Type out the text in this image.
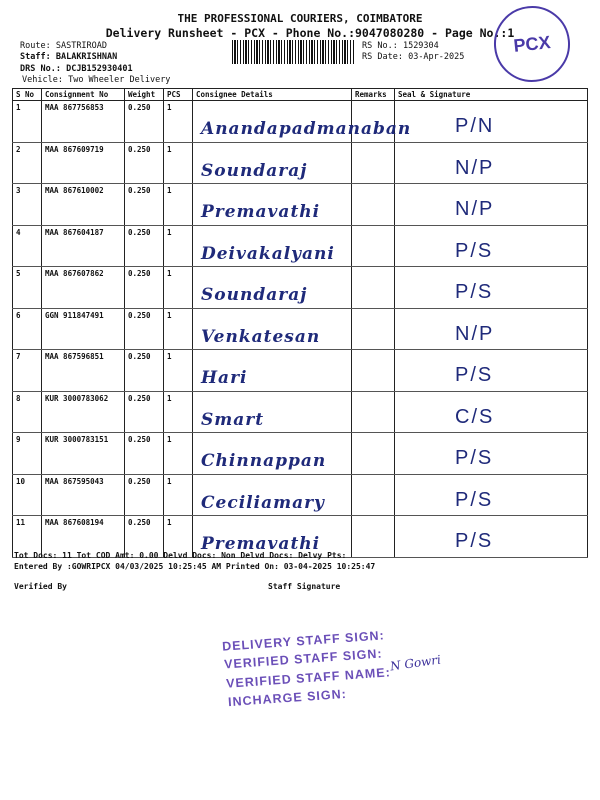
THE PROFESSIONAL COURIERS, COIMBATORE
Delivery Runsheet - PCX - Phone No.:9047080280 - Page No.:1
Route: SASTRIROAD
Staff: BALAKRISHNAN
DRS No.: DCJB152930401
Vehicle: Two Wheeler Delivery
RS No.: 1529304
RS Date: 03-Apr-2025
PCX
S No	Consignment No	Weight	PCS	Consignee Details	Remarks	Seal & Signature
1	MAA 867756853	0.250	1	Anandapadmanaban		P/N

2	MAA 867609719	0.250	1	Soundaraj		N/P

3	MAA 867610002	0.250	1	Premavathi		N/P

4	MAA 867604187	0.250	1	Deivakalyani		P/S

5	MAA 867607862	0.250	1	Soundaraj		P/S

6	GGN 911847491	0.250	1	Venkatesan		N/P

7	MAA 867596851	0.250	1	Hari		P/S

8	KUR 3000783062	0.250	1	Smart		C/S

9	KUR 3000783151	0.250	1	Chinnappan		P/S

10	MAA 867595043	0.250	1	Ceciliamary		P/S

11	MAA 867608194	0.250	1	Premavathi		P/S
Tot Docs: 11 Tot COD Amt: 0.00 Delvd Docs: Non Delvd Docs: Delvy Pts:
Entered By :GOWRIPCX 04/03/2025 10:25:45 AM Printed On: 03-04-2025 10:25:47
Verified By	Staff Signature
DELIVERY STAFF SIGN:
VERIFIED STAFF SIGN:
VERIFIED STAFF NAME:
INCHARGE SIGN:
N Gowri
